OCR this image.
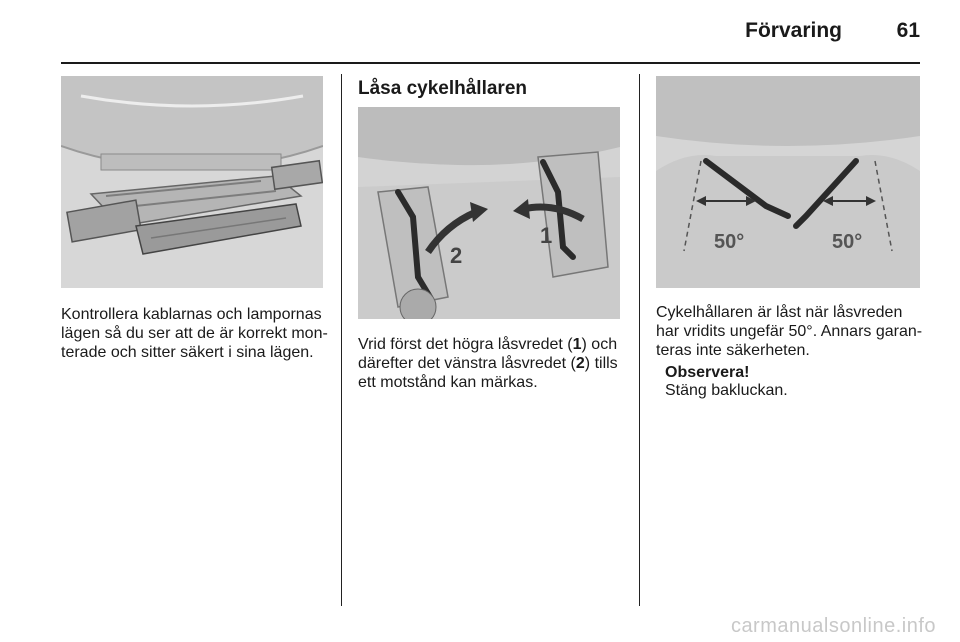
Förvaring	61
Kontrollera kablarnas och lampornas
lägen så du ser att de är korrekt mon-
terade och sitter säkert i sina lägen.
Låsa cykelhållaren
2
1
Vrid först det högra låsvredet (1) och
därefter det vänstra låsvredet (2) tills
ett motstånd kan märkas.
50°	50°
Cykelhållaren är låst när låsvreden
har vridits ungefär 50°. Annars garan-
teras inte säkerheten.
Observera!
Stäng bakluckan.
carmanualsonline.info
